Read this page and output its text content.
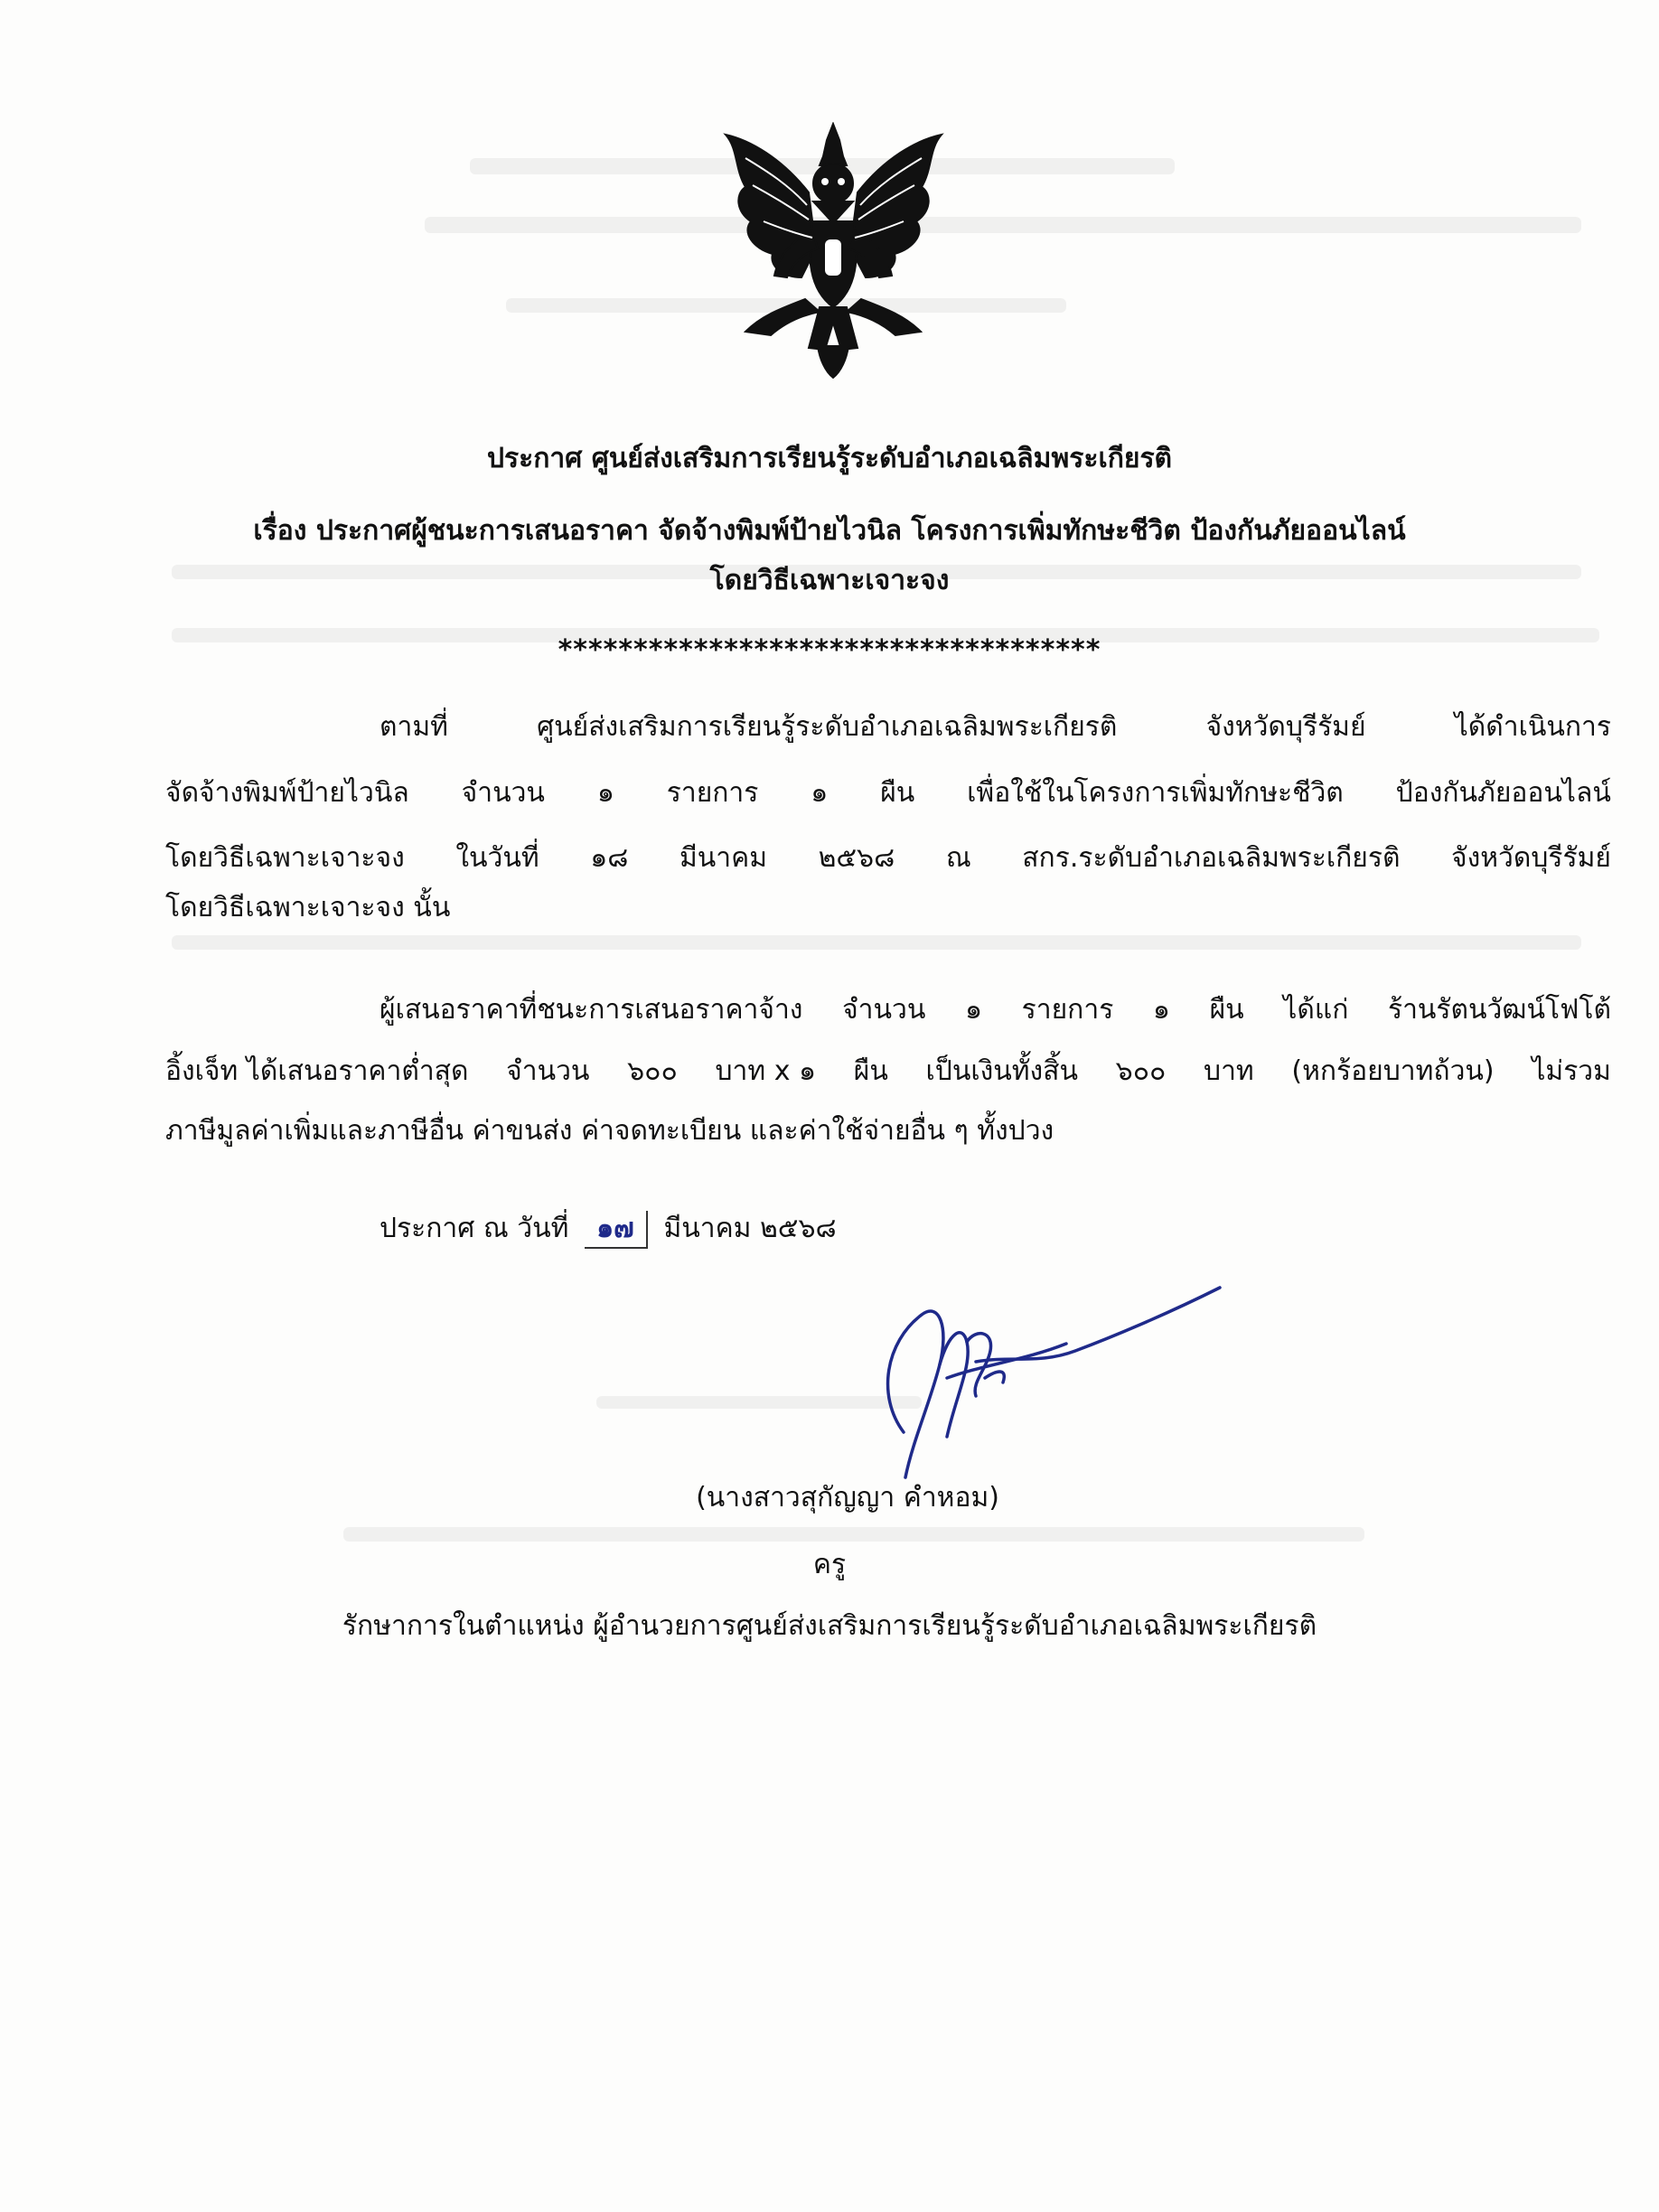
ประกาศ ศูนย์ส่งเสริมการเรียนรู้ระดับอำเภอเฉลิมพระเกียรติ
เรื่อง ประกาศผู้ชนะการเสนอราคา จัดจ้างพิมพ์ป้ายไวนิล โครงการเพิ่มทักษะชีวิต ป้องกันภัยออนไลน์
โดยวิธีเฉพาะเจาะจง
************************************
ตามที่	ศูนย์ส่งเสริมการเรียนรู้ระดับอำเภอเฉลิมพระเกียรติ	จังหวัดบุรีรัมย์	ได้ดำเนินการ
จัดจ้างพิมพ์ป้ายไวนิล จำนวน ๑ รายการ ๑ ผืน เพื่อใช้ในโครงการเพิ่มทักษะชีวิต ป้องกันภัยออนไลน์
โดยวิธีเฉพาะเจาะจง ในวันที่ ๑๘ มีนาคม ๒๕๖๘ ณ สกร.ระดับอำเภอเฉลิมพระเกียรติ จังหวัดบุรีรัมย์
โดยวิธีเฉพาะเจาะจง นั้น
ผู้เสนอราคาที่ชนะการเสนอราคาจ้าง จำนวน ๑ รายการ ๑ ผืน ได้แก่ ร้านรัตนวัฒน์โฟโต้
อิ้งเจ็ท ได้เสนอราคาต่ำสุด จำนวน ๖๐๐ บาท x ๑ ผืน เป็นเงินทั้งสิ้น ๖๐๐ บาท (หกร้อยบาทถ้วน) ไม่รวม
ภาษีมูลค่าเพิ่มและภาษีอื่น ค่าขนส่ง ค่าจดทะเบียน และค่าใช้จ่ายอื่น ๆ ทั้งปวง
ประกาศ ณ วันที่ ๑๗ มีนาคม ๒๕๖๘
(นางสาวสุกัญญา คำหอม)
ครู
รักษาการในตำแหน่ง ผู้อำนวยการศูนย์ส่งเสริมการเรียนรู้ระดับอำเภอเฉลิมพระเกียรติ
